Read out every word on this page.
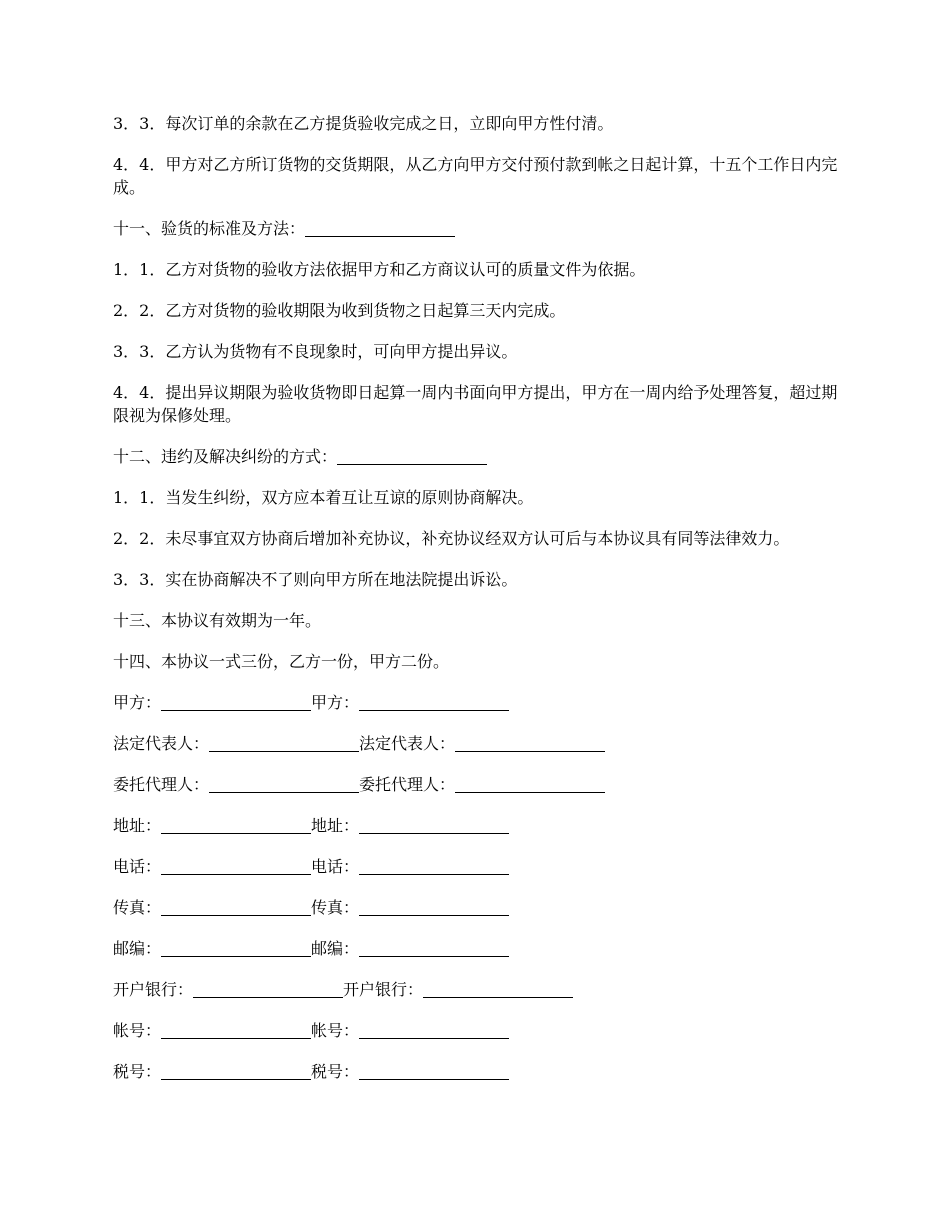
3．3．每次订单的余款在乙方提货验收完成之日，立即向甲方性付清。

4．4．甲方对乙方所订货物的交货期限，从乙方向甲方交付预付款到帐之日起计算，十五个工作日内完成。

十一、验货的标准及方法：

1．1．乙方对货物的验收方法依据甲方和乙方商议认可的质量文件为依据。

2．2．乙方对货物的验收期限为收到货物之日起算三天内完成。

3．3．乙方认为货物有不良现象时，可向甲方提出异议。

4．4．提出异议期限为验收货物即日起算一周内书面向甲方提出，甲方在一周内给予处理答复，超过期限视为保修处理。

十二、违约及解决纠纷的方式：

1．1．当发生纠纷，双方应本着互让互谅的原则协商解决。

2．2．未尽事宜双方协商后增加补充协议，补充协议经双方认可后与本协议具有同等法律效力。

3．3．实在协商解决不了则向甲方所在地法院提出诉讼。

十三、本协议有效期为一年。

十四、本协议一式三份，乙方一份，甲方二份。

甲方：	甲方：

法定代表人：	法定代表人：

委托代理人：	委托代理人：

地址：	地址：

电话：	电话：

传真：	传真：

邮编：	邮编：

开户银行：	开户银行：

帐号：	帐号：

税号：	税号：
